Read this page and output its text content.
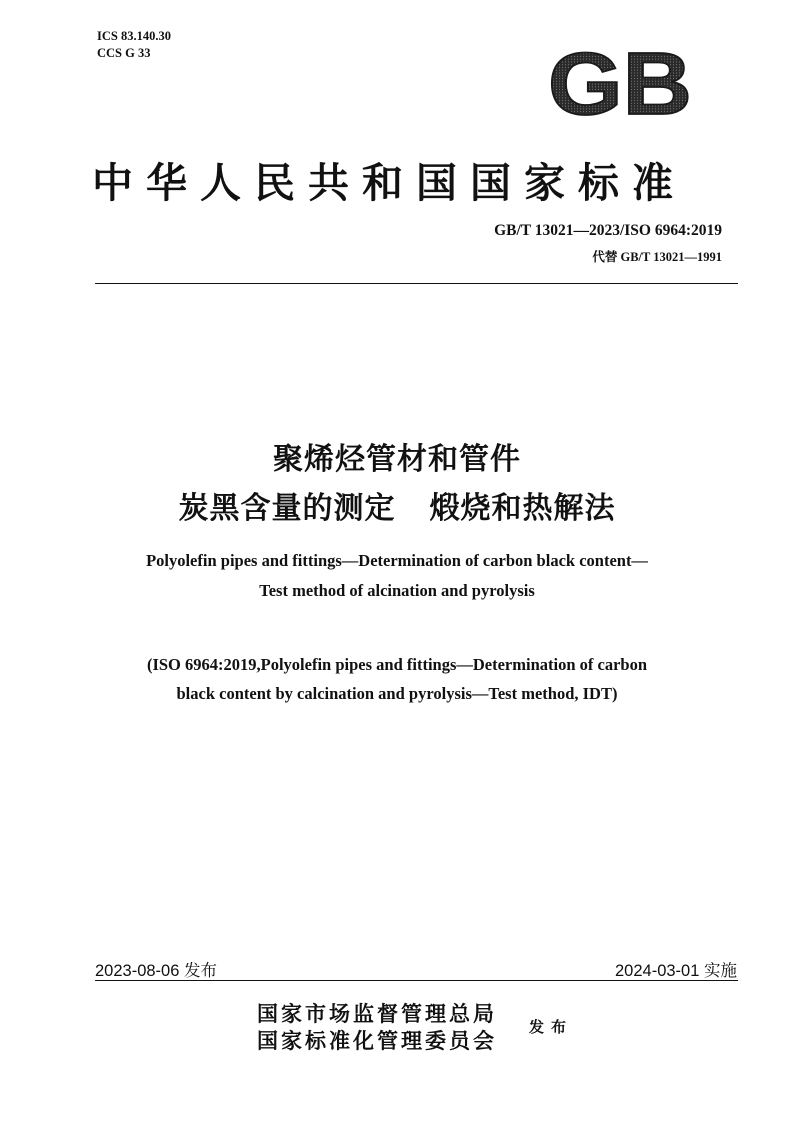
ICS 83.140.30
CCS G 33	GB
中华人民共和国国家标准
GB/T 13021—2023/ISO 6964:2019
代替 GB/T 13021—1991
聚烯烃管材和管件
炭黑含量的测定 煅烧和热解法
Polyolefin pipes and fittings—Determination of carbon black content—
Test method of alcination and pyrolysis
(ISO 6964:2019,Polyolefin pipes and fittings—Determination of carbon
black content by calcination and pyrolysis—Test method, IDT)
2023-08-06 发布	2024-03-01 实施
国家市场监督管理总局
国家标准化管理委员会
发布
